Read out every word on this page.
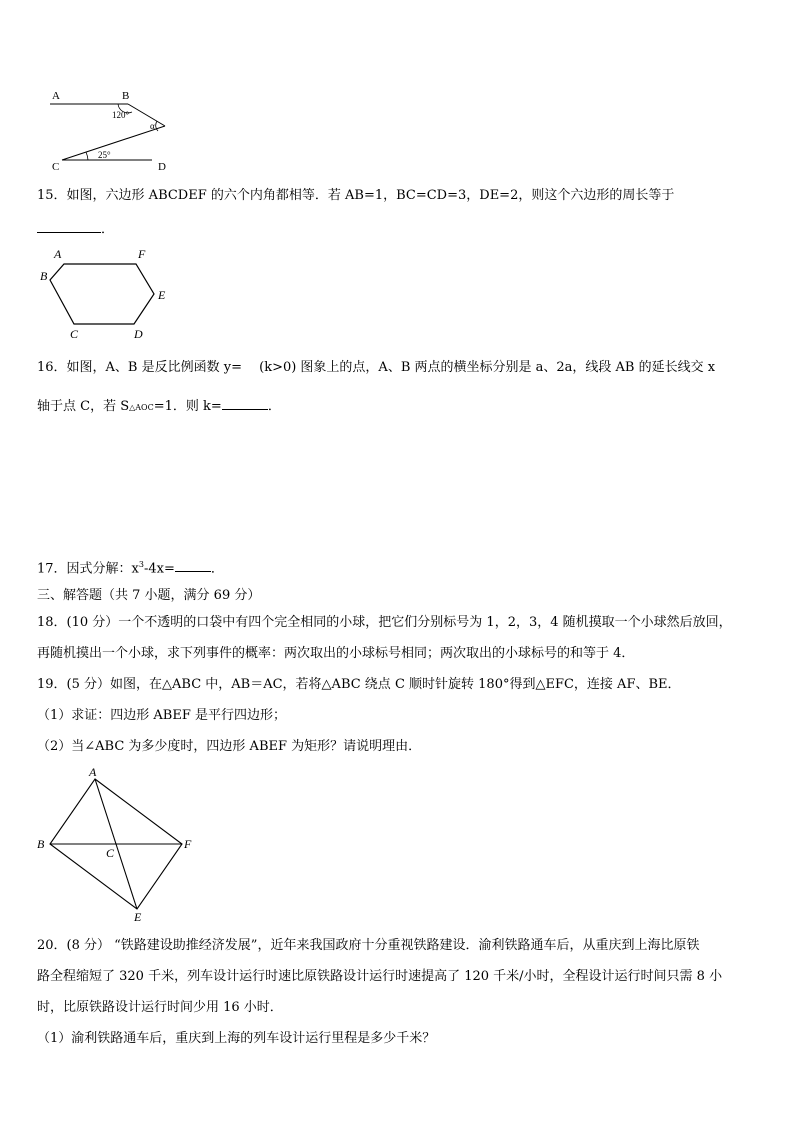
A	B
C	D
120°
α
25°
15．如图，六边形 ABCDEF 的六个内角都相等．若 AB=1，BC=CD=3，DE=2，则这个六边形的周长等于
．
A	F
B
E
C	D
16．如图，A、B 是反比例函数 y=　 (k>0) 图象上的点，A、B 两点的横坐标分别是 a、2a，线段 AB 的延长线交 x
轴于点 C，若 S△AOC=1．则 k=	．
17．因式分解：$x^3-4x=$	．
三、解答题（共 7 小题，满分 69 分）
18．(10 分）一个不透明的口袋中有四个完全相同的小球，把它们分别标号为 1，2，3，4 随机摸取一个小球然后放回，
再随机摸出一个小球，求下列事件的概率：两次取出的小球标号相同；两次取出的小球标号的和等于 4．
19．(5 分）如图，在△ABC 中，AB＝AC，若将△ABC 绕点 C 顺时针旋转 180°得到△EFC，连接 AF、BE．
（1）求证：四边形 ABEF 是平行四边形；
（2）当∠ABC 为多少度时，四边形 ABEF 为矩形？请说明理由．
A
B
C
F
E
20．(8 分） “铁路建设助推经济发展”，近年来我国政府十分重视铁路建设．渝利铁路通车后，从重庆到上海比原铁
路全程缩短了 320 千米，列车设计运行时速比原铁路设计运行时速提高了 120 千米/小时，全程设计运行时间只需 8 小
时，比原铁路设计运行时间少用 16 小时．
（1）渝利铁路通车后，重庆到上海的列车设计运行里程是多少千米？
